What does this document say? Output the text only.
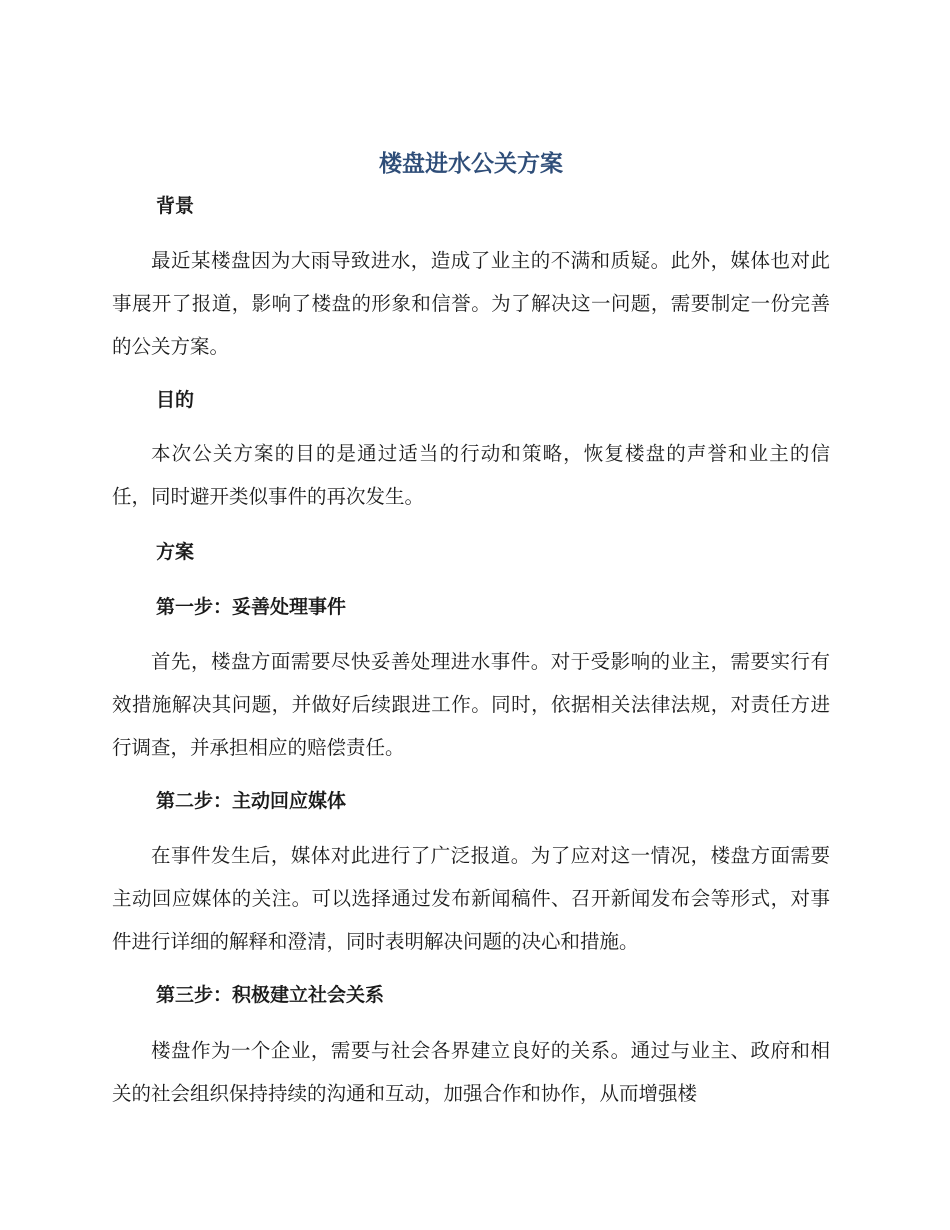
楼盘进水公关方案
背景

最近某楼盘因为大雨导致进水，造成了业主的不满和质疑。此外，媒体也对此事展开了报道，影响了楼盘的形象和信誉。为了解决这一问题，需要制定一份完善的公关方案。

目的

本次公关方案的目的是通过适当的行动和策略，恢复楼盘的声誉和业主的信任，同时避开类似事件的再次发生。

方案
第一步：妥善处理事件

首先，楼盘方面需要尽快妥善处理进水事件。对于受影响的业主，需要实行有效措施解决其问题，并做好后续跟进工作。同时，依据相关法律法规，对责任方进行调查，并承担相应的赔偿责任。

第二步：主动回应媒体

在事件发生后，媒体对此进行了广泛报道。为了应对这一情况，楼盘方面需要主动回应媒体的关注。可以选择通过发布新闻稿件、召开新闻发布会等形式，对事件进行详细的解释和澄清，同时表明解决问题的决心和措施。

第三步：积极建立社会关系

楼盘作为一个企业，需要与社会各界建立良好的关系。通过与业主、政府和相关的社会组织保持持续的沟通和互动，加强合作和协作，从而增强楼
